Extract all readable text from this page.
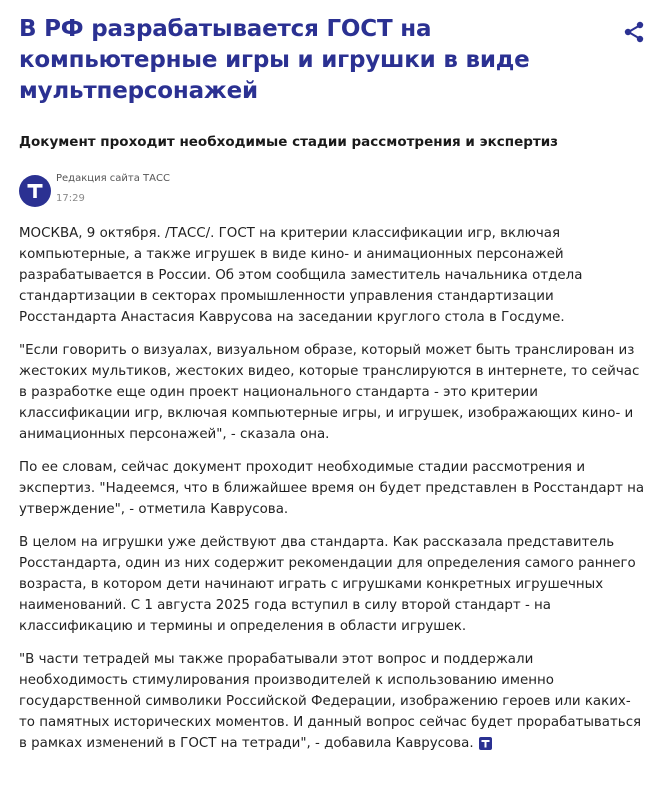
В РФ разрабатывается ГОСТ на компьютерные игры и игрушки в виде мультперсонажей

Документ проходит необходимые стадии рассмотрения и экспертиз

Редакция сайта ТАСС
17:29

МОСКВА, 9 октября. /ТАСС/. ГОСТ на критерии классификации игр, включая компьютерные, а также игрушек в виде кино- и анимационных персонажей разрабатывается в России. Об этом сообщила заместитель начальника отдела стандартизации в секторах промышленности управления стандартизации Росстандарта Анастасия Каврусова на заседании круглого стола в Госдуме.

"Если говорить о визуалах, визуальном образе, который может быть транслирован из жестоких мультиков, жестоких видео, которые транслируются в интернете, то сейчас в разработке еще один проект национального стандарта - это критерии классификации игр, включая компьютерные игры, и игрушек, изображающих кино- и анимационных персонажей", - сказала она.

По ее словам, сейчас документ проходит необходимые стадии рассмотрения и экспертиз. "Надеемся, что в ближайшее время он будет представлен в Росстандарт на утверждение", - отметила Каврусова.

В целом на игрушки уже действуют два стандарта. Как рассказала представитель Росстандарта, один из них содержит рекомендации для определения самого раннего возраста, в котором дети начинают играть с игрушками конкретных игрушечных наименований. С 1 августа 2025 года вступил в силу второй стандарт - на классификацию и термины и определения в области игрушек.

"В части тетрадей мы также прорабатывали этот вопрос и поддержали необходимость стимулирования производителей к использованию именно государственной символики Российской Федерации, изображению героев или каких-то памятных исторических моментов. И данный вопрос сейчас будет прорабатываться в рамках изменений в ГОСТ на тетради", - добавила Каврусова.
